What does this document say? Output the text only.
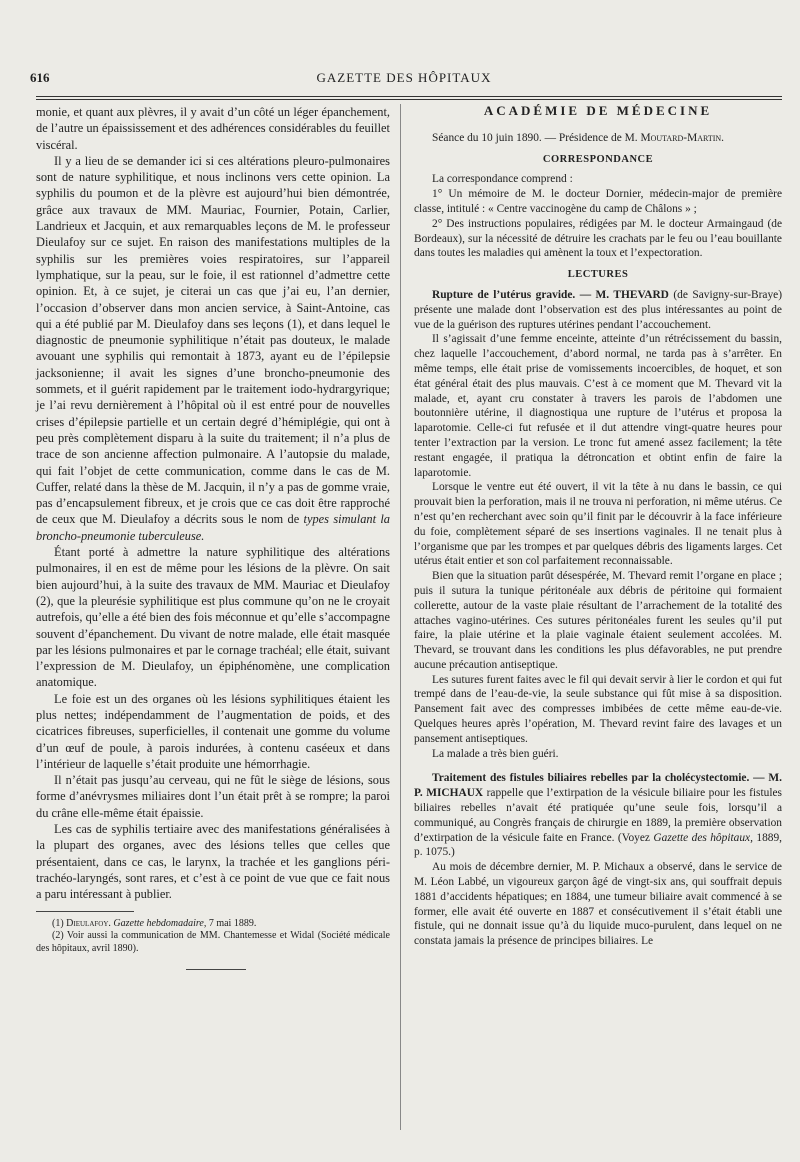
616	GAZETTE DES HÔPITAUX

monie, et quant aux plèvres, il y avait d’un côté un léger épanchement, de l’autre un épaississement et des adhérences considérables du feuillet viscéral.

Il y a lieu de se demander ici si ces altérations pleuro-pulmonaires sont de nature syphilitique, et nous inclinons vers cette opinion. La syphilis du poumon et de la plèvre est aujourd’hui bien démontrée, grâce aux travaux de MM. Mauriac, Fournier, Potain, Carlier, Landrieux et Jacquin, et aux remarquables leçons de M. le professeur Dieulafoy sur ce sujet. En raison des manifestations multiples de la syphilis sur les premières voies respiratoires, sur l’appareil lymphatique, sur la peau, sur le foie, il est rationnel d’admettre cette opinion. Et, à ce sujet, je citerai un cas que j’ai eu, l’an dernier, l’occasion d’observer dans mon ancien service, à Saint-Antoine, cas qui a été publié par M. Dieulafoy dans ses leçons (1), et dans lequel le diagnostic de pneumonie syphilitique n’était pas douteux, le malade avouant une syphilis qui remontait à 1873, ayant eu de l’épilepsie jacksonienne; il avait les signes d’une broncho-pneumonie des sommets, et il guérit rapidement par le traitement iodo-hydrargyrique; je l’ai revu dernièrement à l’hôpital où il est entré pour de nouvelles crises d’épilepsie partielle et un certain degré d’hémiplégie, qui ont à peu près complètement disparu à la suite du traitement; il n’a plus de trace de son ancienne affection pulmonaire. A l’autopsie du malade, qui fait l’objet de cette communication, comme dans le cas de M. Cuffer, relaté dans la thèse de M. Jacquin, il n’y a pas de gomme vraie, pas d’encapsulement fibreux, et je crois que ce cas doit être rapproché de ceux que M. Dieulafoy a décrits sous le nom de types simulant la broncho-pneumonie tuberculeuse.

Étant porté à admettre la nature syphilitique des altérations pulmonaires, il en est de même pour les lésions de la plèvre. On sait bien aujourd’hui, à la suite des travaux de MM. Mauriac et Dieulafoy (2), que la pleurésie syphilitique est plus commune qu’on ne le croyait autrefois, qu’elle a été bien des fois méconnue et qu’elle s’accompagne souvent d’épanchement. Du vivant de notre malade, elle était masquée par les lésions pulmonaires et par le cornage trachéal; elle était, suivant l’expression de M. Dieulafoy, un épiphénomène, une complication anatomique.

Le foie est un des organes où les lésions syphilitiques étaient les plus nettes; indépendamment de l’augmentation de poids, et des cicatrices fibreuses, superficielles, il contenait une gomme du volume d’un œuf de poule, à parois indurées, à contenu caséeux et dans l’intérieur de laquelle s’était produite une hémorrhagie.

Il n’était pas jusqu’au cerveau, qui ne fût le siège de lésions, sous forme d’anévrysmes miliaires dont l’un était prêt à se rompre; la paroi du crâne elle-même était épaissie.

Les cas de syphilis tertiaire avec des manifestations généralisées à la plupart des organes, avec des lésions telles que celles que présentaient, dans ce cas, le larynx, la trachée et les ganglions péri-trachéo-laryngés, sont rares, et c’est à ce point de vue que ce fait nous a paru intéressant à publier.

(1) Dieulafoy. Gazette hebdomadaire, 7 mai 1889.

(2) Voir aussi la communication de MM. Chantemesse et Widal (Société médicale des hôpitaux, avril 1890).

ACADÉMIE DE MÉDECINE

Séance du 10 juin 1890. — Présidence de M. Moutard-Martin.

CORRESPONDANCE

La correspondance comprend :

1° Un mémoire de M. le docteur Dornier, médecin-major de première classe, intitulé : « Centre vaccinogène du camp de Châlons » ;

2° Des instructions populaires, rédigées par M. le docteur Armaingaud (de Bordeaux), sur la nécessité de détruire les crachats par le feu ou l’eau bouillante dans toutes les maladies qui amènent la toux et l’expectoration.

LECTURES

Rupture de l’utérus gravide. — M. THEVARD (de Savigny-sur-Braye) présente une malade dont l’observation est des plus intéressantes au point de vue de la guérison des ruptures utérines pendant l’accouchement.

Il s’agissait d’une femme enceinte, atteinte d’un rétrécissement du bassin, chez laquelle l’accouchement, d’abord normal, ne tarda pas à s’arrêter. En même temps, elle était prise de vomissements incoercibles, de hoquet, et son état général était des plus mauvais. C’est à ce moment que M. Thevard vit la malade, et, ayant cru constater à travers les parois de l’abdomen une boutonnière utérine, il diagnostiqua une rupture de l’utérus et proposa la laparotomie. Celle-ci fut refusée et il dut attendre vingt-quatre heures pour tenter l’extraction par la version. Le tronc fut amené assez facilement; la tête restant engagée, il pratiqua la détroncation et obtint enfin de faire la laparotomie.

Lorsque le ventre eut été ouvert, il vit la tête à nu dans le bassin, ce qui prouvait bien la perforation, mais il ne trouva ni perforation, ni même utérus. Ce n’est qu’en recherchant avec soin qu’il finit par le découvrir à la face inférieure du foie, complètement séparé de ses insertions vaginales. Il ne tenait plus à l’organisme que par les trompes et par quelques débris des ligaments larges. Cet utérus était entier et son col parfaitement reconnaissable.

Bien que la situation parût désespérée, M. Thevard remit l’organe en place ; puis il sutura la tunique péritonéale aux débris de péritoine qui formaient collerette, autour de la vaste plaie résultant de l’arrachement de la totalité des attaches vagino-utérines. Ces sutures péritonéales furent les seules qu’il put faire, la plaie utérine et la plaie vaginale étaient seulement accolées. M. Thevard, se trouvant dans les conditions les plus défavorables, ne put prendre aucune précaution antiseptique.

Les sutures furent faites avec le fil qui devait servir à lier le cordon et qui fut trempé dans de l’eau-de-vie, la seule substance qui fût mise à sa disposition. Pansement fait avec des compresses imbibées de cette même eau-de-vie. Quelques heures après l’opération, M. Thevard revint faire des lavages et un pansement antiseptiques.

La malade a très bien guéri.

Traitement des fistules biliaires rebelles par la cholécystectomie. — M. P. MICHAUX rappelle que l’extirpation de la vésicule biliaire pour les fistules biliaires rebelles n’avait été pratiquée qu’une seule fois, lorsqu’il a communiqué, au Congrès français de chirurgie en 1889, la première observation d’extirpation de la vésicule faite en France. (Voyez Gazette des hôpitaux, 1889, p. 1075.)

Au mois de décembre dernier, M. P. Michaux a observé, dans le service de M. Léon Labbé, un vigoureux garçon âgé de vingt-six ans, qui souffrait depuis 1881 d’accidents hépatiques; en 1884, une tumeur biliaire avait commencé à se former, elle avait été ouverte en 1887 et consécutivement il s’était établi une fistule, qui ne donnait issue qu’à du liquide muco-purulent, dans lequel on ne constata jamais la présence de principes biliaires. Le
